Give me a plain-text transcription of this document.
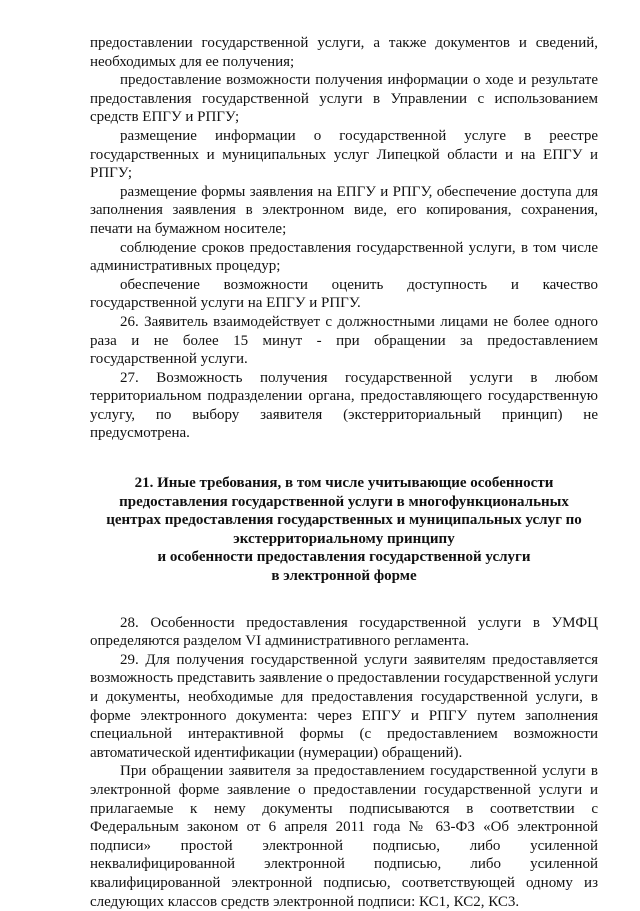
предоставлении государственной услуги, а также документов и сведений, необходимых для ее получения;

предоставление возможности получения информации о ходе и результате предоставления государственной услуги в Управлении с использованием средств ЕПГУ и РПГУ;

размещение информации о государственной услуге в реестре государственных и муниципальных услуг Липецкой области и на ЕПГУ и РПГУ;

размещение формы заявления на ЕПГУ и РПГУ, обеспечение доступа для заполнения заявления в электронном виде, его копирования, сохранения, печати на бумажном носителе;

соблюдение сроков предоставления государственной услуги, в том числе административных процедур;

обеспечение возможности оценить доступность и качество государственной услуги на ЕПГУ и РПГУ.

26. Заявитель взаимодействует с должностными лицами не более одного раза и не более 15 минут - при обращении за предоставлением государственной услуги.

27. Возможность получения государственной услуги в любом территориальном подразделении органа, предоставляющего государственную услугу, по выбору заявителя (экстерриториальный принцип) не предусмотрена.

21. Иные требования, в том числе учитывающие особенности
предоставления государственной услуги в многофункциональных
центрах предоставления государственных и муниципальных услуг по
экстерриториальному принципу
и особенности предоставления государственной услуги
в электронной форме

28. Особенности предоставления государственной услуги в УМФЦ определяются разделом VI административного регламента.

29. Для получения государственной услуги заявителям предоставляется возможность представить заявление о предоставлении государственной услуги и документы, необходимые для предоставления государственной услуги, в форме электронного документа: через ЕПГУ и РПГУ путем заполнения специальной интерактивной формы (с предоставлением возможности автоматической идентификации (нумерации) обращений).

При обращении заявителя за предоставлением государственной услуги в электронной форме заявление о предоставлении государственной услуги и прилагаемые к нему документы подписываются в соответствии с Федеральным законом от 6 апреля 2011 года № 63-ФЗ «Об электронной подписи» простой электронной подписью, либо усиленной неквалифицированной электронной подписью, либо усиленной квалифицированной электронной подписью, соответствующей одному из следующих классов средств электронной подписи: КС1, КС2, КС3.
